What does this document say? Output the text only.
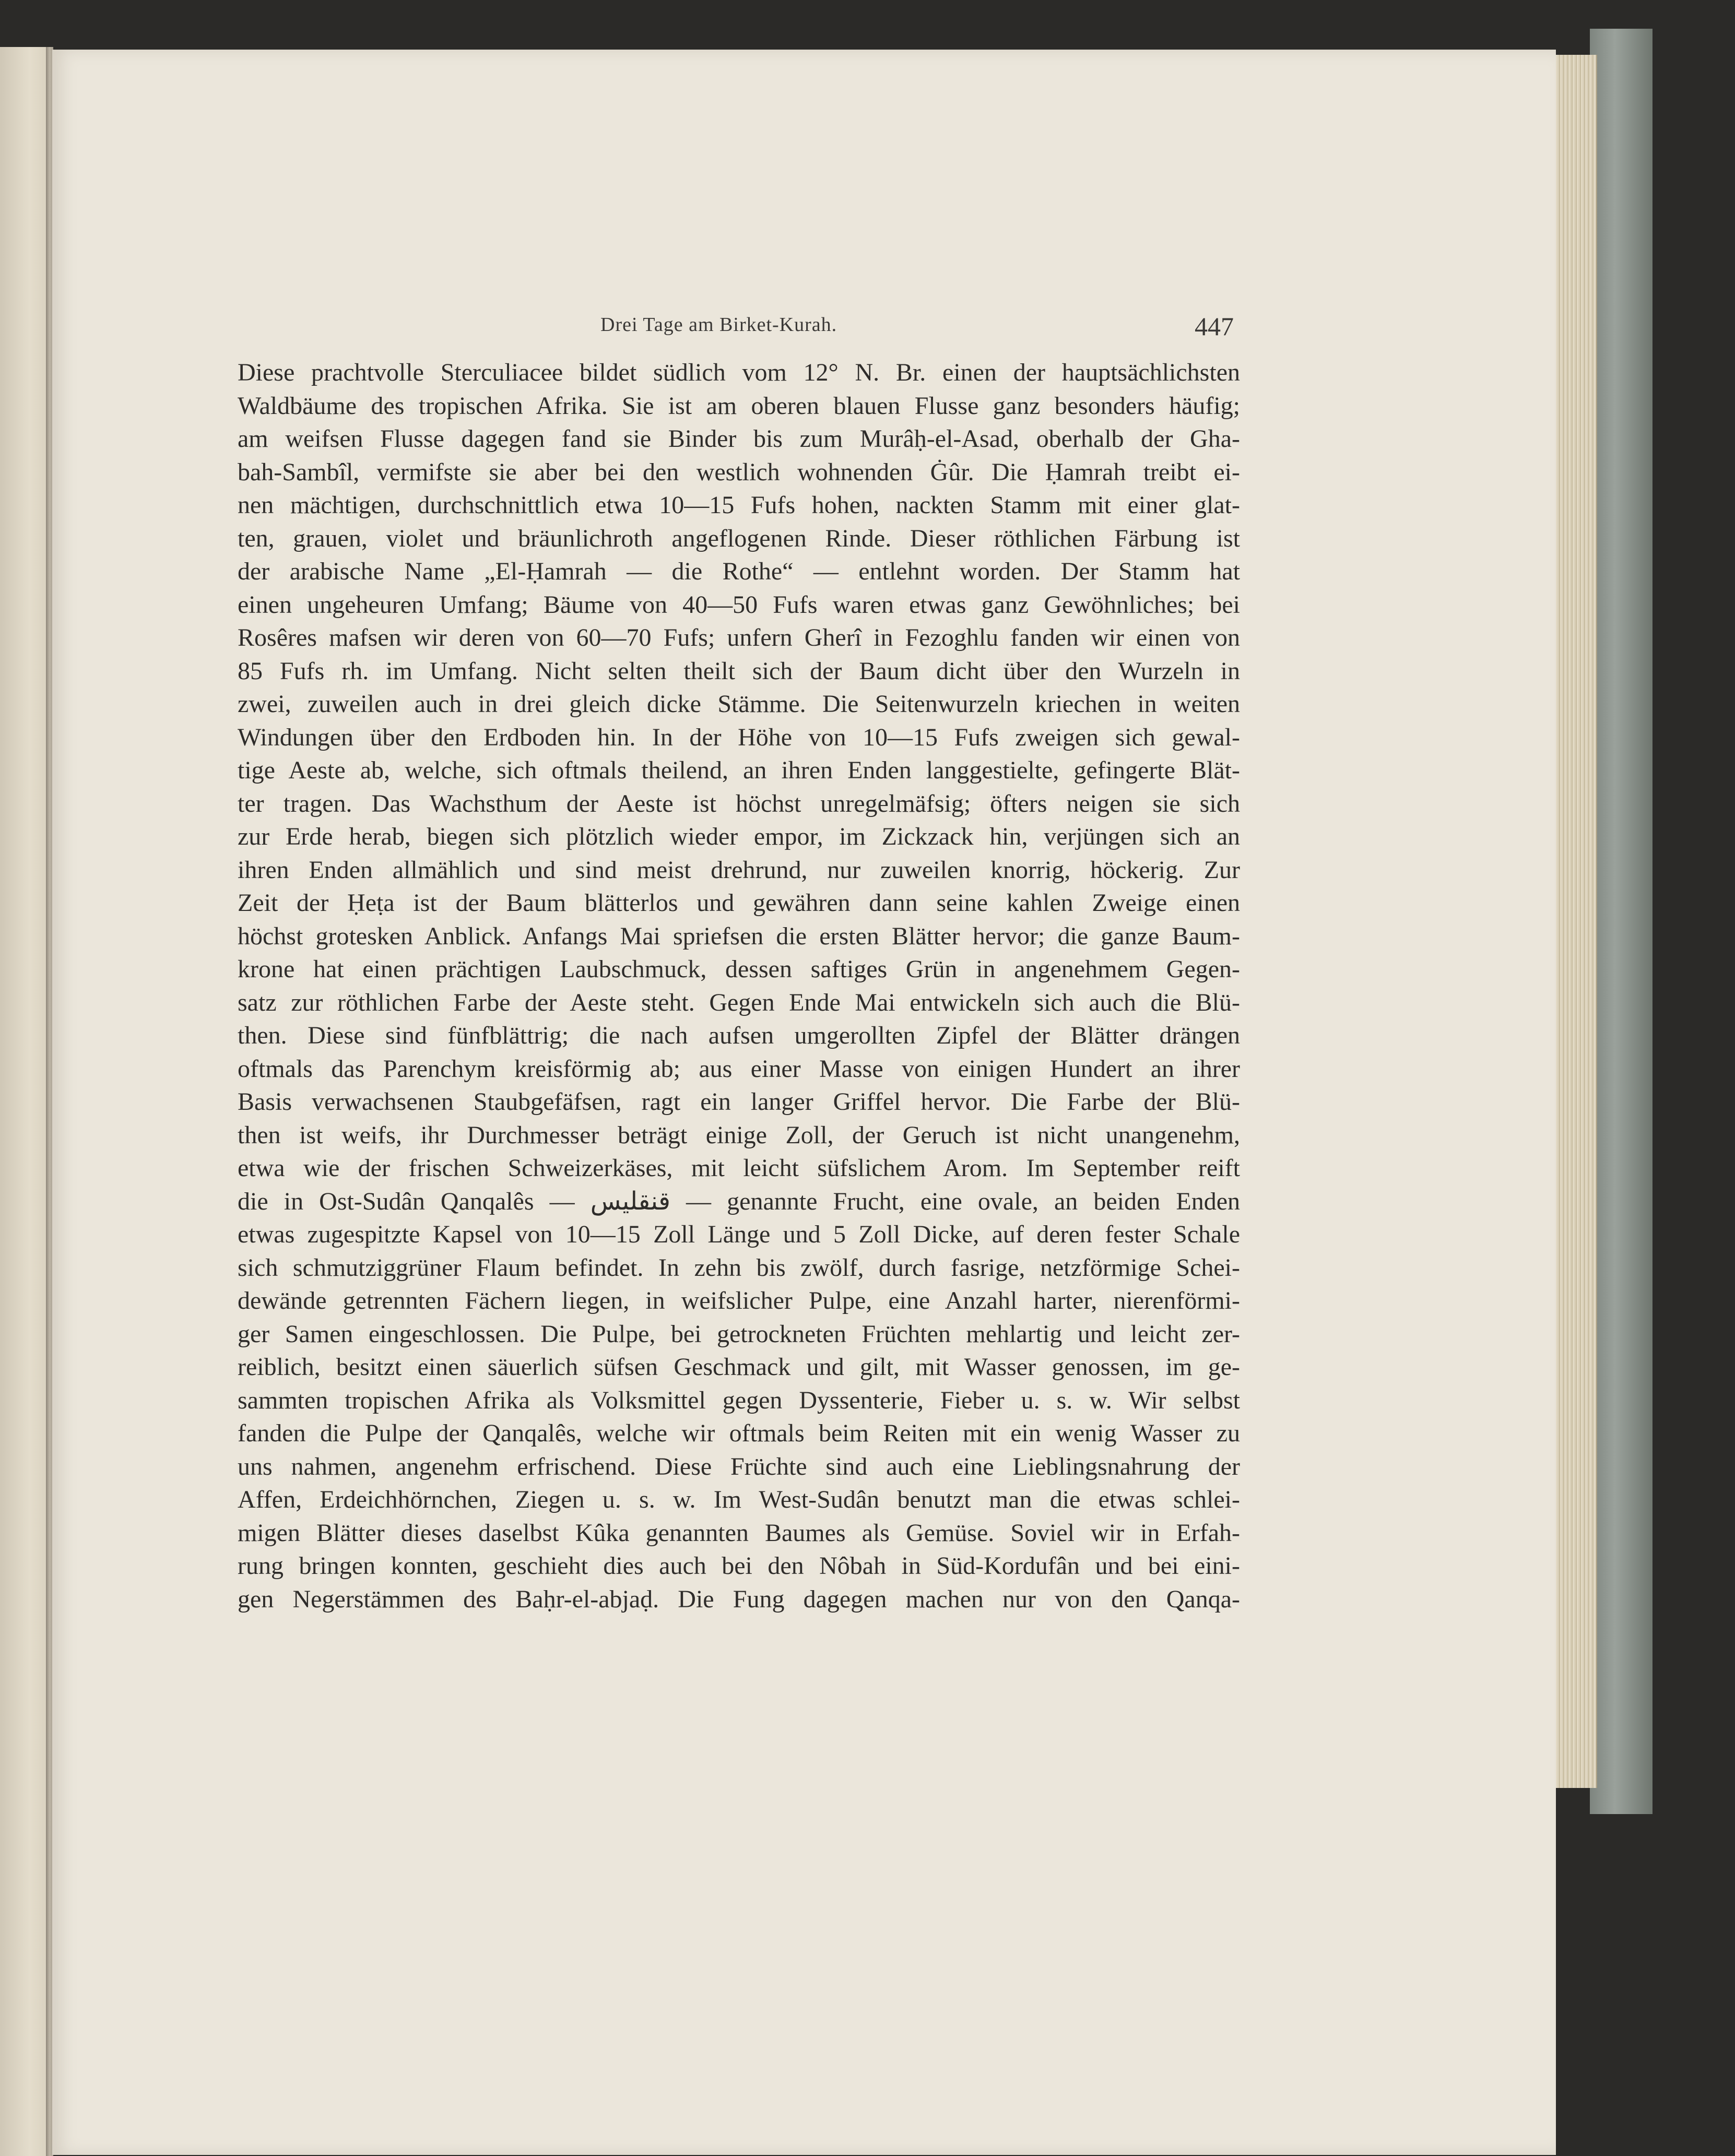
Drei Tage am Birket-Kurah.	447
Diese prachtvolle Sterculiacee bildet südlich vom 12° N. Br. einen der hauptsächlichsten
Waldbäume des tropischen Afrika. Sie ist am oberen blauen Flusse ganz besonders häufig;
am weifsen Flusse dagegen fand sie Binder bis zum Murâḥ-el-Asad, oberhalb der Gha-
bah-Sambîl, vermifste sie aber bei den westlich wohnenden Ġûr. Die Ḥamrah treibt ei-
nen mächtigen, durchschnittlich etwa 10—15 Fufs hohen, nackten Stamm mit einer glat-
ten, grauen, violet und bräunlichroth angeflogenen Rinde. Dieser röthlichen Färbung ist
der arabische Name „El-Ḥamrah — die Rothe“ — entlehnt worden. Der Stamm hat
einen ungeheuren Umfang; Bäume von 40—50 Fufs waren etwas ganz Gewöhnliches; bei
Rosêres mafsen wir deren von 60—70 Fufs; unfern Gherî in Fezoghlu fanden wir einen von
85 Fufs rh. im Umfang. Nicht selten theilt sich der Baum dicht über den Wurzeln in
zwei, zuweilen auch in drei gleich dicke Stämme. Die Seitenwurzeln kriechen in weiten
Windungen über den Erdboden hin. In der Höhe von 10—15 Fufs zweigen sich gewal-
tige Aeste ab, welche, sich oftmals theilend, an ihren Enden langgestielte, gefingerte Blät-
ter tragen. Das Wachsthum der Aeste ist höchst unregelmäfsig; öfters neigen sie sich
zur Erde herab, biegen sich plötzlich wieder empor, im Zickzack hin, verjüngen sich an
ihren Enden allmählich und sind meist drehrund, nur zuweilen knorrig, höckerig. Zur
Zeit der Ḥeṭa ist der Baum blätterlos und gewähren dann seine kahlen Zweige einen
höchst grotesken Anblick. Anfangs Mai spriefsen die ersten Blätter hervor; die ganze Baum-
krone hat einen prächtigen Laubschmuck, dessen saftiges Grün in angenehmem Gegen-
satz zur röthlichen Farbe der Aeste steht. Gegen Ende Mai entwickeln sich auch die Blü-
then. Diese sind fünfblättrig; die nach aufsen umgerollten Zipfel der Blätter drängen
oftmals das Parenchym kreisförmig ab; aus einer Masse von einigen Hundert an ihrer
Basis verwachsenen Staubgefäfsen, ragt ein langer Griffel hervor. Die Farbe der Blü-
then ist weifs, ihr Durchmesser beträgt einige Zoll, der Geruch ist nicht unangenehm,
etwa wie der frischen Schweizerkäses, mit leicht süfslichem Arom. Im September reift
die in Ost-Sudân Qanqalês — قنقلیس — genannte Frucht, eine ovale, an beiden Enden
etwas zugespitzte Kapsel von 10—15 Zoll Länge und 5 Zoll Dicke, auf deren fester Schale
sich schmutziggrüner Flaum befindet. In zehn bis zwölf, durch fasrige, netzförmige Schei-
dewände getrennten Fächern liegen, in weifslicher Pulpe, eine Anzahl harter, nierenförmi-
ger Samen eingeschlossen. Die Pulpe, bei getrockneten Früchten mehlartig und leicht zer-
reiblich, besitzt einen säuerlich süfsen Geschmack und gilt, mit Wasser genossen, im ge-
sammten tropischen Afrika als Volksmittel gegen Dyssenterie, Fieber u. s. w. Wir selbst
fanden die Pulpe der Qanqalês, welche wir oftmals beim Reiten mit ein wenig Wasser zu
uns nahmen, angenehm erfrischend. Diese Früchte sind auch eine Lieblingsnahrung der
Affen, Erdeichhörnchen, Ziegen u. s. w. Im West-Sudân benutzt man die etwas schlei-
migen Blätter dieses daselbst Kûka genannten Baumes als Gemüse. Soviel wir in Erfah-
rung bringen konnten, geschieht dies auch bei den Nôbah in Süd-Kordufân und bei eini-
gen Negerstämmen des Baḥr-el-abjaḍ. Die Fung dagegen machen nur von den Qanqa-
